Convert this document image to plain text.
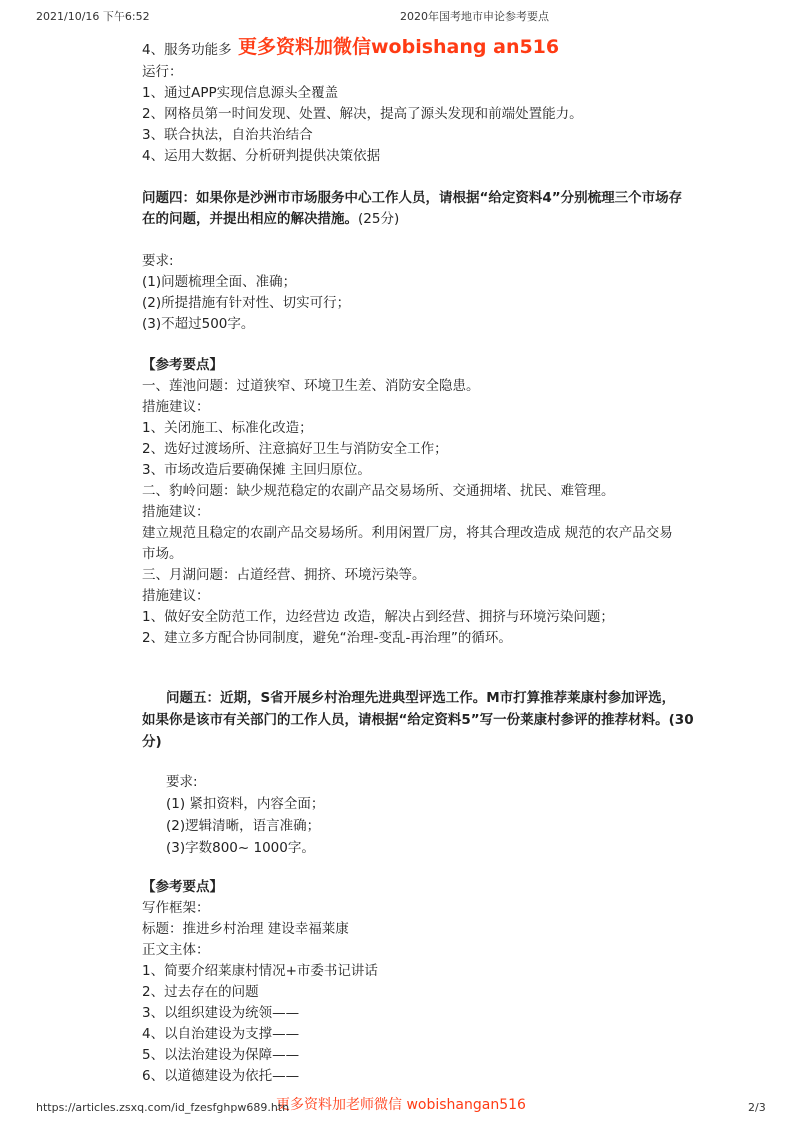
2021/10/16 下午6:52	2020年国考地市申论参考要点
更多资料加微信wobishang an516
4、服务功能多
运行：
1、通过APP实现信息源头全覆盖
2、网格员第一时间发现、处置、解决，提高了源头发现和前端处置能力。
3、联合执法，自治共治结合
4、运用大数据、分析研判提供决策依据
问题四：如果你是沙洲市市场服务中心工作人员，请根据“给定资料4”分别梳理三个市场存
在的问题，并提出相应的解决措施。(25分)
要求:
(1)问题梳理全面、准确；
(2)所提措施有针对性、切实可行；
(3)不超过500字。
【参考要点】
一、莲池问题：过道狭窄、环境卫生差、消防安全隐患。
措施建议：
1、关闭施工、标准化改造；
2、选好过渡场所、注意搞好卫生与消防安全工作；
3、市场改造后要确保摊 主回归原位。
二、豹岭问题：缺少规范稳定的农副产品交易场所、交通拥堵、扰民、难管理。
措施建议：
建立规范且稳定的农副产品交易场所。利用闲置厂房，将其合理改造成 规范的农产品交易
市场。
三、月湖问题：占道经营、拥挤、环境污染等。
措施建议：
1、做好安全防范工作，边经营边 改造，解决占到经营、拥挤与环境污染问题；
2、建立多方配合协同制度，避免“治理-变乱-再治理”的循环。
问题五：近期，S省开展乡村治理先进典型评选工作。M市打算推荐莱康村参加评选，
如果你是该市有关部门的工作人员，请根据“给定资料5”写一份莱康村参评的推荐材料。(30
分)
要求:
(1) 紧扣资料，内容全面；
(2)逻辑清晰，语言准确；
(3)字数800~ 1000字。
【参考要点】
写作框架：
标题：推进乡村治理 建设幸福莱康
正文主体：
1、简要介绍莱康村情况+市委书记讲话
2、过去存在的问题
3、以组织建设为统领——
4、以自治建设为支撑——
5、以法治建设为保障——
6、以道德建设为依托——
更多资料加老师微信 wobishangan516
https://articles.zsxq.com/id_fzesfghpw689.htn	2/3
